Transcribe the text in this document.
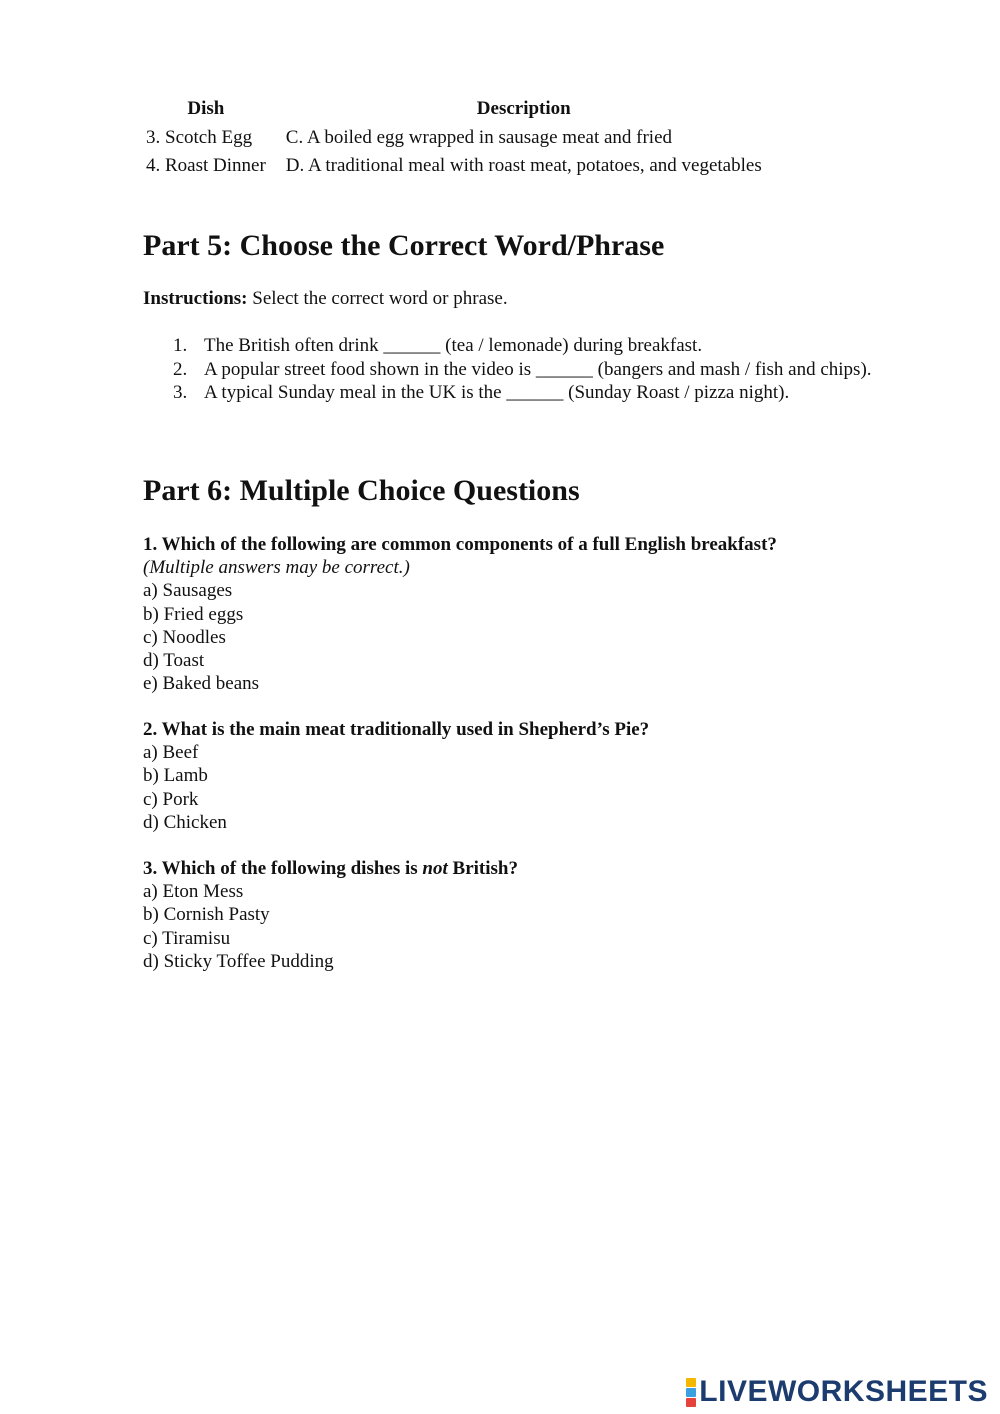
Dish	Description
3. Scotch Egg	C. A boiled egg wrapped in sausage meat and fried
4. Roast Dinner	D. A traditional meal with roast meat, potatoes, and vegetables
Part 5: Choose the Correct Word/Phrase
Instructions: Select the correct word or phrase.
1. The British often drink ______ (tea / lemonade) during breakfast.
2. A popular street food shown in the video is ______ (bangers and mash / fish and chips).
3. A typical Sunday meal in the UK is the ______ (Sunday Roast / pizza night).
Part 6: Multiple Choice Questions
1. Which of the following are common components of a full English breakfast?
(Multiple answers may be correct.)
a) Sausages
b) Fried eggs
c) Noodles
d) Toast
e) Baked beans
2. What is the main meat traditionally used in Shepherd’s Pie?
a) Beef
b) Lamb
c) Pork
d) Chicken
3. Which of the following dishes is not British?
a) Eton Mess
b) Cornish Pasty
c) Tiramisu
d) Sticky Toffee Pudding
LIVEWORKSHEETS
